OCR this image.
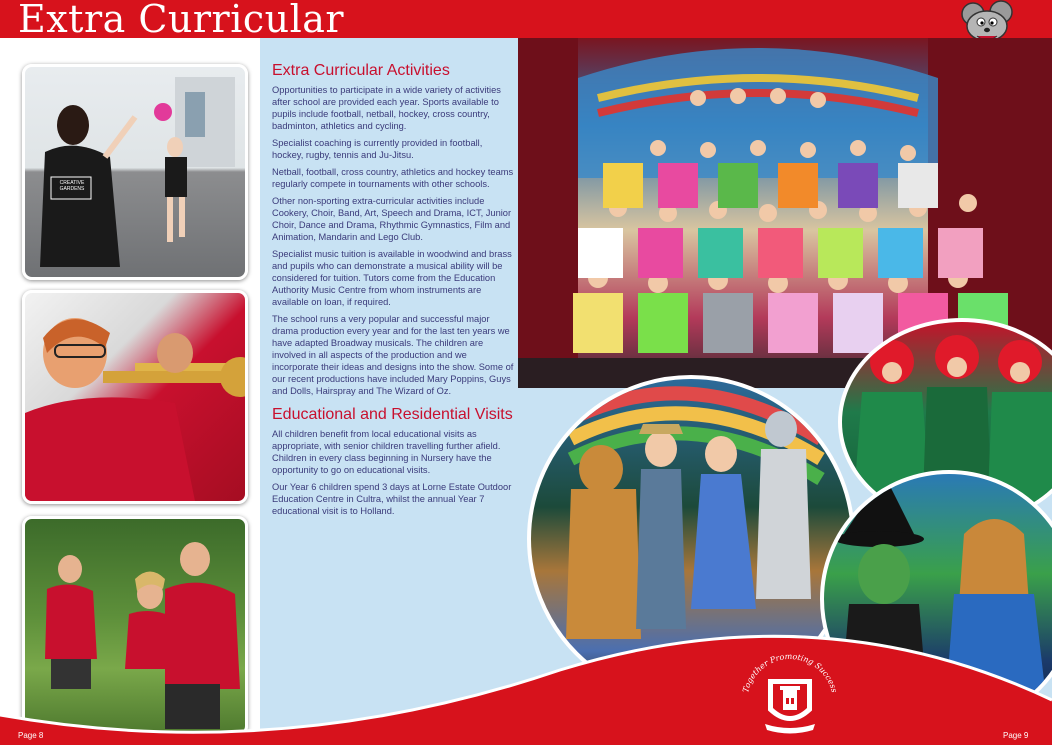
Extra Curricular
CREATIVE GARDENS
Extra Curricular Activities

Opportunities to participate in a wide variety of activities after school are provided each year. Sports available to pupils include football, netball, hockey, cross country, badminton, athletics and cycling.

Specialist coaching is currently provided in football, hockey, rugby, tennis and Ju-Jitsu.

Netball, football, cross country, athletics and hockey teams regularly compete in tournaments with other schools.

Other non-sporting extra-curricular activities include Cookery, Choir, Band, Art, Speech and Drama, ICT, Junior Choir, Dance and Drama, Rhythmic Gymnastics, Film and Animation, Mandarin and Lego Club.

Specialist music tuition is available in woodwind and brass and pupils who can demonstrate a musical ability will be considered for tuition. Tutors come from the Education Authority Music Centre from whom instruments are available on loan, if required.

The school runs a very popular and successful major drama production every year and for the last ten years we have adapted Broadway musicals. The children are involved in all aspects of the production and we incorporate their ideas and designs into the show. Some of our recent productions have included Mary Poppins, Guys and Dolls, Hairspray and The Wizard of Oz.

Educational and Residential Visits

All children benefit from local educational visits as appropriate, with senior children travelling further afield. Children in every class beginning in Nursery have the opportunity to go on educational visits.

Our Year 6 children spend 3 days at Lorne Estate Outdoor Education Centre in Cultra, whilst the annual Year 7 educational visit is to Holland.

Together Promoting Success
Page 8	Page 9
